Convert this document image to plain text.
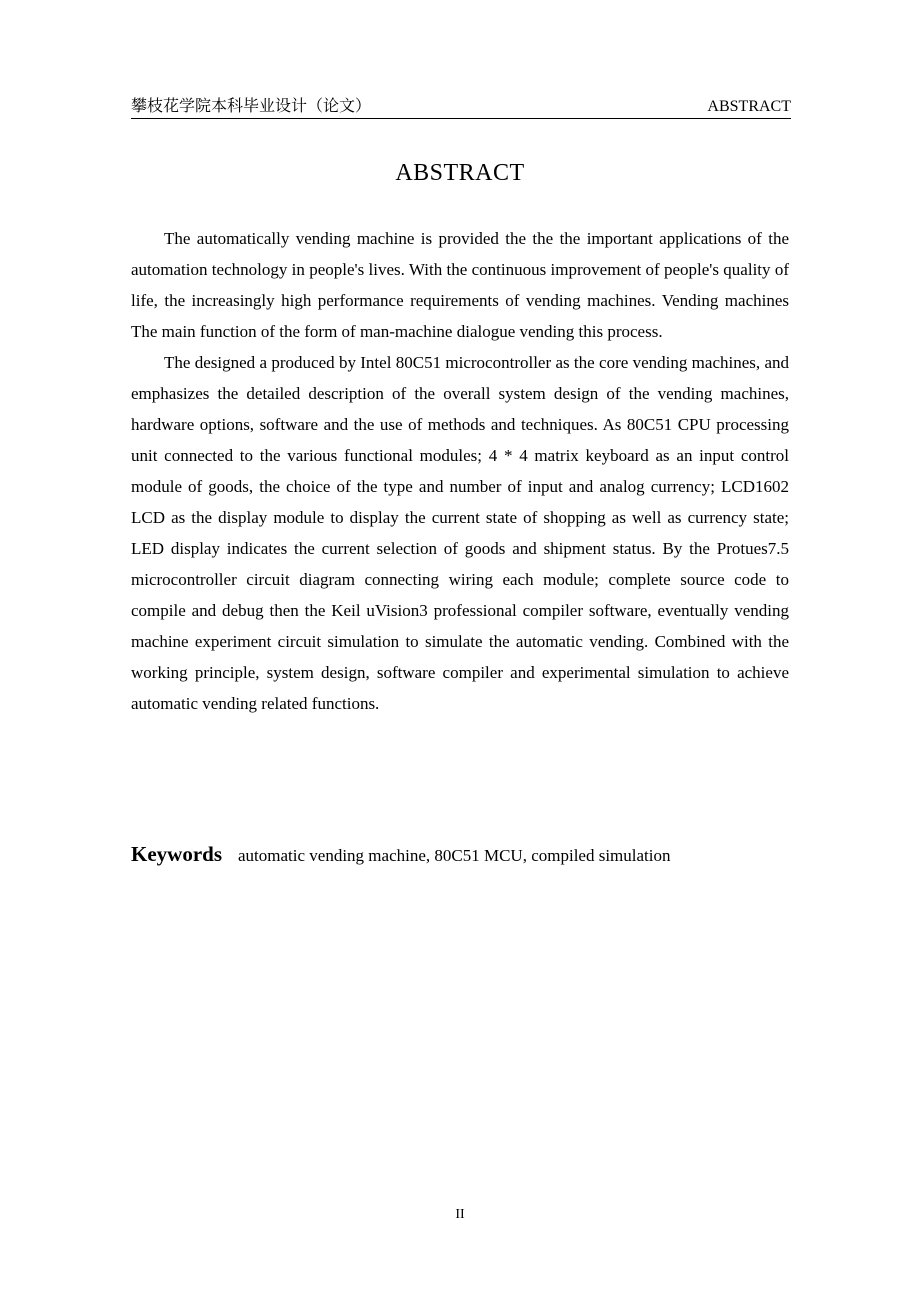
攀枝花学院本科毕业设计（论文）	ABSTRACT
ABSTRACT

The automatically vending machine is provided the the the important applications of the automation technology in people's lives. With the continuous improvement of people's quality of life, the increasingly high performance requirements of vending machines. Vending machines The main function of the form of man-machine dialogue vending this process.

The designed a produced by Intel 80C51 microcontroller as the core vending machines, and emphasizes the detailed description of the overall system design of the vending machines, hardware options, software and the use of methods and techniques. As 80C51 CPU processing unit connected to the various functional modules; 4 * 4 matrix keyboard as an input control module of goods, the choice of the type and number of input and analog currency; LCD1602 LCD as the display module to display the current state of shopping as well as currency state; LED display indicates the current selection of goods and shipment status. By the Protues7.5 microcontroller circuit diagram connecting wiring each module; complete source code to compile and debug then the Keil uVision3 professional compiler software, eventually vending machine experiment circuit simulation to simulate the automatic vending. Combined with the working principle, system design, software compiler and experimental simulation to achieve automatic vending related functions.

Keywords automatic vending machine, 80C51 MCU, compiled simulation
II
